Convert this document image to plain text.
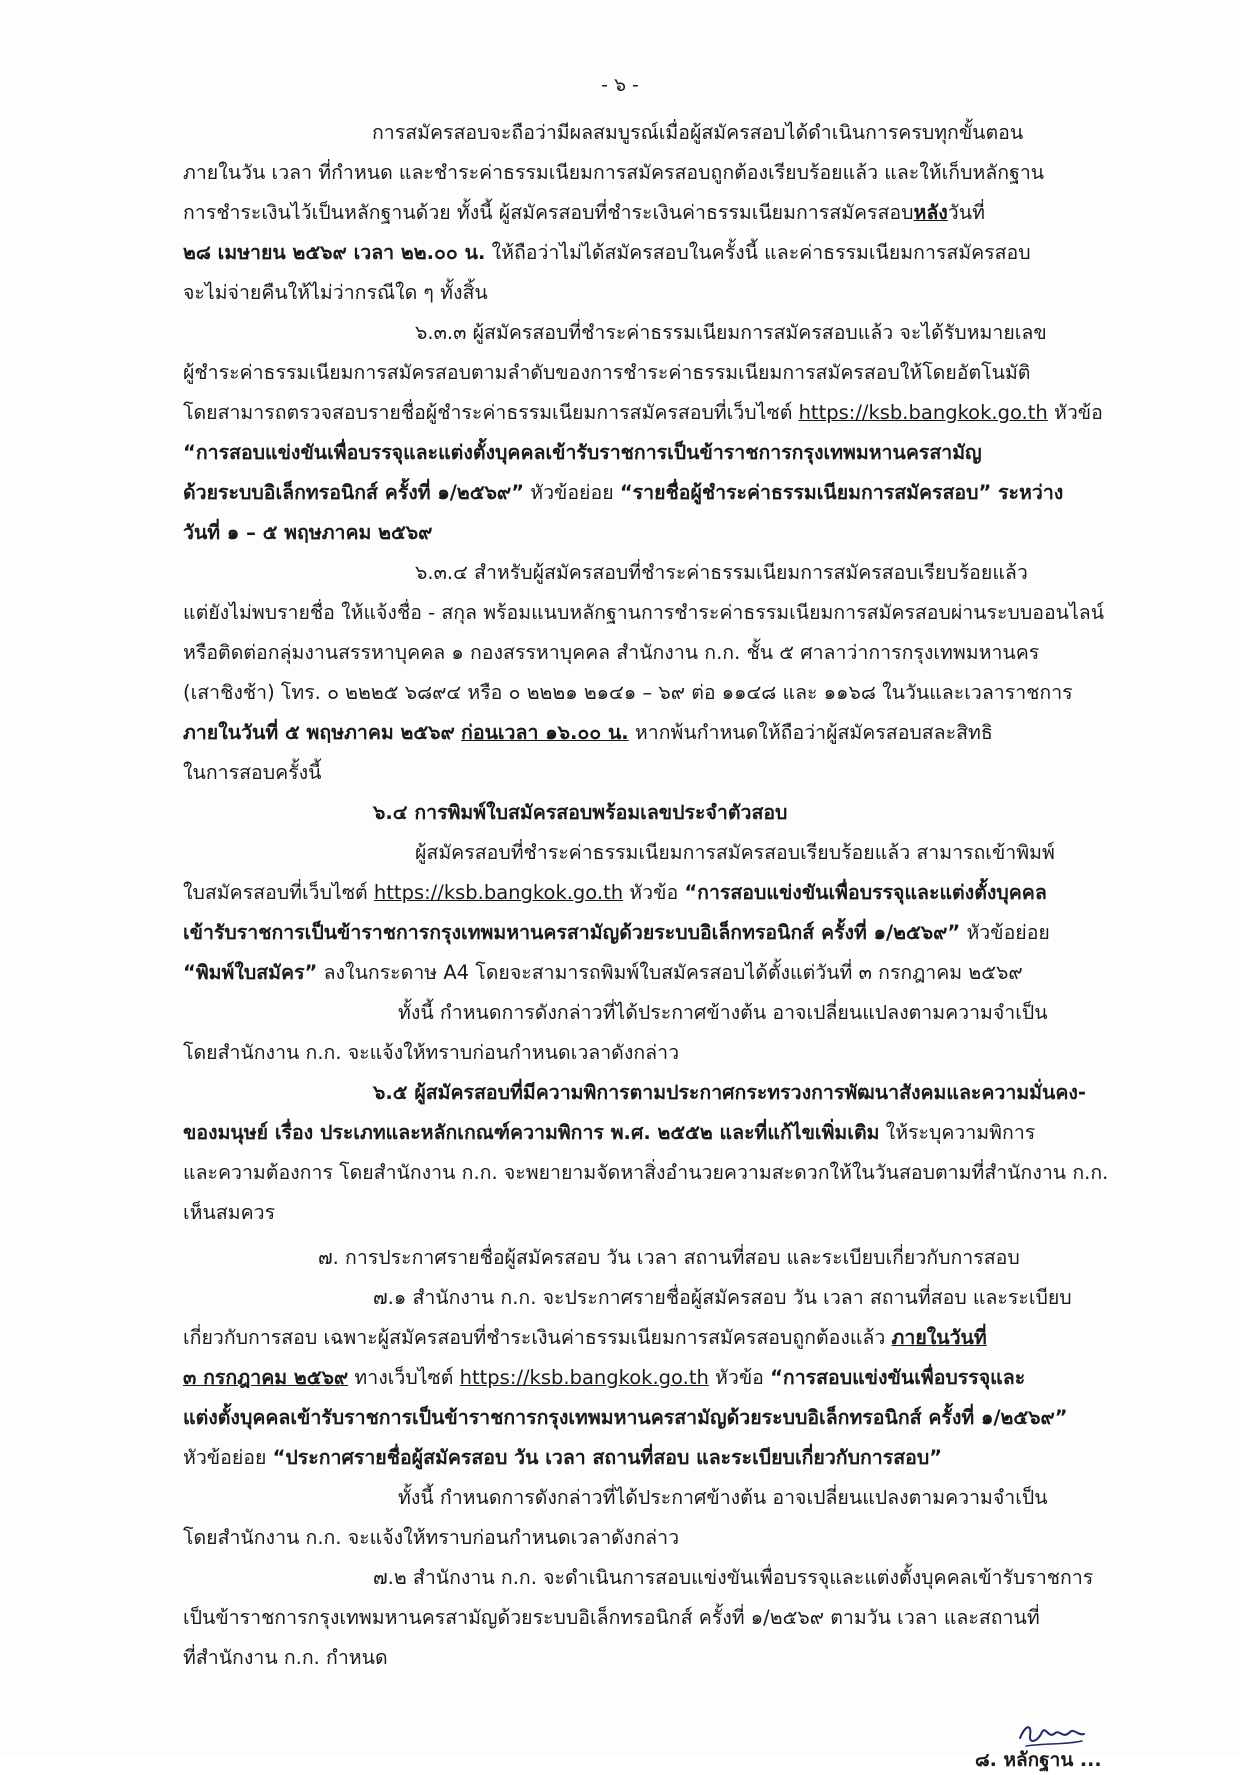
- ๖ -
การสมัครสอบจะถือว่ามีผลสมบูรณ์เมื่อผู้สมัครสอบได้ดำเนินการครบทุกขั้นตอน
ภายในวัน เวลา ที่กำหนด และชำระค่าธรรมเนียมการสมัครสอบถูกต้องเรียบร้อยแล้ว และให้เก็บหลักฐาน
การชำระเงินไว้เป็นหลักฐานด้วย ทั้งนี้ ผู้สมัครสอบที่ชำระเงินค่าธรรมเนียมการสมัครสอบหลังวันที่
๒๘ เมษายน ๒๕๖๙ เวลา ๒๒.๐๐ น. ให้ถือว่าไม่ได้สมัครสอบในครั้งนี้ และค่าธรรมเนียมการสมัครสอบ
จะไม่จ่ายคืนให้ไม่ว่ากรณีใด ๆ ทั้งสิ้น
๖.๓.๓ ผู้สมัครสอบที่ชำระค่าธรรมเนียมการสมัครสอบแล้ว จะได้รับหมายเลข
ผู้ชำระค่าธรรมเนียมการสมัครสอบตามลำดับของการชำระค่าธรรมเนียมการสมัครสอบให้โดยอัตโนมัติ
โดยสามารถตรวจสอบรายชื่อผู้ชำระค่าธรรมเนียมการสมัครสอบที่เว็บไซต์ https://ksb.bangkok.go.th หัวข้อ
“การสอบแข่งขันเพื่อบรรจุและแต่งตั้งบุคคลเข้ารับราชการเป็นข้าราชการกรุงเทพมหานครสามัญ
ด้วยระบบอิเล็กทรอนิกส์ ครั้งที่ ๑/๒๕๖๙” หัวข้อย่อย “รายชื่อผู้ชำระค่าธรรมเนียมการสมัครสอบ” ระหว่าง
วันที่ ๑ – ๕ พฤษภาคม ๒๕๖๙
๖.๓.๔ สำหรับผู้สมัครสอบที่ชำระค่าธรรมเนียมการสมัครสอบเรียบร้อยแล้ว
แต่ยังไม่พบรายชื่อ ให้แจ้งชื่อ - สกุล พร้อมแนบหลักฐานการชำระค่าธรรมเนียมการสมัครสอบผ่านระบบออนไลน์
หรือติดต่อกลุ่มงานสรรหาบุคคล ๑ กองสรรหาบุคคล สำนักงาน ก.ก. ชั้น ๕ ศาลาว่าการกรุงเทพมหานคร
(เสาชิงช้า) โทร. ๐ ๒๒๒๕ ๖๘๙๔ หรือ ๐ ๒๒๒๑ ๒๑๔๑ – ๖๙ ต่อ ๑๑๔๘ และ ๑๑๖๘ ในวันและเวลาราชการ
ภายในวันที่ ๕ พฤษภาคม ๒๕๖๙ ก่อนเวลา ๑๖.๐๐ น. หากพ้นกำหนดให้ถือว่าผู้สมัครสอบสละสิทธิ
ในการสอบครั้งนี้
๖.๔ การพิมพ์ใบสมัครสอบพร้อมเลขประจำตัวสอบ
ผู้สมัครสอบที่ชำระค่าธรรมเนียมการสมัครสอบเรียบร้อยแล้ว สามารถเข้าพิมพ์
ใบสมัครสอบที่เว็บไซต์ https://ksb.bangkok.go.th หัวข้อ “การสอบแข่งขันเพื่อบรรจุและแต่งตั้งบุคคล
เข้ารับราชการเป็นข้าราชการกรุงเทพมหานครสามัญด้วยระบบอิเล็กทรอนิกส์ ครั้งที่ ๑/๒๕๖๙” หัวข้อย่อย
“พิมพ์ใบสมัคร” ลงในกระดาษ A4 โดยจะสามารถพิมพ์ใบสมัครสอบได้ตั้งแต่วันที่ ๓ กรกฎาคม ๒๕๖๙
ทั้งนี้ กำหนดการดังกล่าวที่ได้ประกาศข้างต้น อาจเปลี่ยนแปลงตามความจำเป็น
โดยสำนักงาน ก.ก. จะแจ้งให้ทราบก่อนกำหนดเวลาดังกล่าว
๖.๕ ผู้สมัครสอบที่มีความพิการตามประกาศกระทรวงการพัฒนาสังคมและความมั่นคง-
ของมนุษย์ เรื่อง ประเภทและหลักเกณฑ์ความพิการ พ.ศ. ๒๕๕๒ และที่แก้ไขเพิ่มเติม ให้ระบุความพิการ
และความต้องการ โดยสำนักงาน ก.ก. จะพยายามจัดหาสิ่งอำนวยความสะดวกให้ในวันสอบตามที่สำนักงาน ก.ก.
เห็นสมควร
๗. การประกาศรายชื่อผู้สมัครสอบ วัน เวลา สถานที่สอบ และระเบียบเกี่ยวกับการสอบ
๗.๑ สำนักงาน ก.ก. จะประกาศรายชื่อผู้สมัครสอบ วัน เวลา สถานที่สอบ และระเบียบ
เกี่ยวกับการสอบ เฉพาะผู้สมัครสอบที่ชำระเงินค่าธรรมเนียมการสมัครสอบถูกต้องแล้ว ภายในวันที่
๓ กรกฎาคม ๒๕๖๙ ทางเว็บไซต์ https://ksb.bangkok.go.th หัวข้อ “การสอบแข่งขันเพื่อบรรจุและ
แต่งตั้งบุคคลเข้ารับราชการเป็นข้าราชการกรุงเทพมหานครสามัญด้วยระบบอิเล็กทรอนิกส์ ครั้งที่ ๑/๒๕๖๙”
หัวข้อย่อย “ประกาศรายชื่อผู้สมัครสอบ วัน เวลา สถานที่สอบ และระเบียบเกี่ยวกับการสอบ”
ทั้งนี้ กำหนดการดังกล่าวที่ได้ประกาศข้างต้น อาจเปลี่ยนแปลงตามความจำเป็น
โดยสำนักงาน ก.ก. จะแจ้งให้ทราบก่อนกำหนดเวลาดังกล่าว
๗.๒ สำนักงาน ก.ก. จะดำเนินการสอบแข่งขันเพื่อบรรจุและแต่งตั้งบุคคลเข้ารับราชการ
เป็นข้าราชการกรุงเทพมหานครสามัญด้วยระบบอิเล็กทรอนิกส์ ครั้งที่ ๑/๒๕๖๙ ตามวัน เวลา และสถานที่
ที่สำนักงาน ก.ก. กำหนด
๘. หลักฐาน ...
